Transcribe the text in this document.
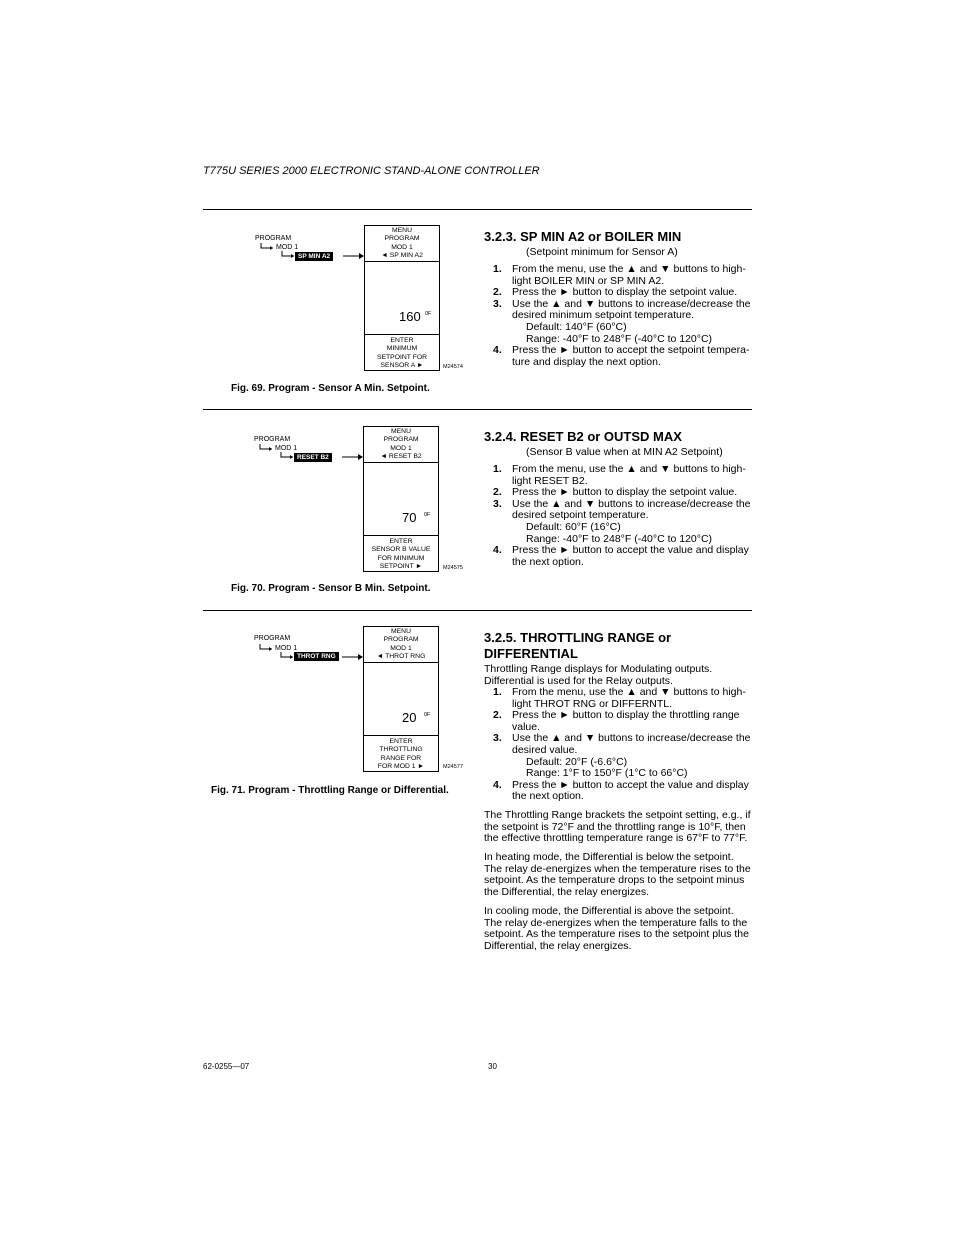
T775U SERIES 2000 ELECTRONIC STAND-ALONE CONTROLLER
PROGRAM
MOD 1
SP MIN A2
MENU
PROGRAM
MOD 1
◄ SP MIN A2
160 0F
ENTER
MINIMUM
SETPOINT FOR
SENSOR A ►	M24574
Fig. 69. Program - Sensor A Min. Setpoint.
3.2.3. SP MIN A2 or BOILER MIN
(Setpoint minimum for Sensor A)
1. From the menu, use the ▲ and ▼ buttons to high-
light BOILER MIN or SP MIN A2.
2. Press the ► button to display the setpoint value.
3. Use the ▲ and ▼ buttons to increase/decrease the
desired minimum setpoint temperature.
Default: 140°F (60°C)
Range: -40°F to 248°F (-40°C to 120°C)
4. Press the ► button to accept the setpoint tempera-
ture and display the next option.
PROGRAM
MOD 1
RESET B2
MENU
PROGRAM
MOD 1
◄ RESET B2
70 0F
ENTER
SENSOR B VALUE
FOR MINIMUM
SETPOINT ►	M24575
Fig. 70. Program - Sensor B Min. Setpoint.
3.2.4. RESET B2 or OUTSD MAX
(Sensor B value when at MIN A2 Setpoint)
1. From the menu, use the ▲ and ▼ buttons to high-
light RESET B2.
2. Press the ► button to display the setpoint value.
3. Use the ▲ and ▼ buttons to increase/decrease the
desired setpoint temperature.
Default: 60°F (16°C)
Range: -40°F to 248°F (-40°C to 120°C)
4. Press the ► button to accept the value and display
the next option.
PROGRAM
MOD 1
THROT RNG
MENU
PROGRAM
MOD 1
◄ THROT RNG
20 0F
ENTER
THROTTLING
RANGE FOR
FOR MOD 1 ►	M24577
Fig. 71. Program - Throttling Range or Differential.
3.2.5. THROTTLING RANGE or
DIFFERENTIAL
Throttling Range displays for Modulating outputs.
Differential is used for the Relay outputs.
1. From the menu, use the ▲ and ▼ buttons to high-
light THROT RNG or DIFFERNTL.
2. Press the ► button to display the throttling range
value.
3. Use the ▲ and ▼ buttons to increase/decrease the
desired value.
Default: 20°F (-6.6°C)
Range: 1°F to 150°F (1°C to 66°C)
4. Press the ► button to accept the value and display
the next option.
The Throttling Range brackets the setpoint setting, e.g., if
the setpoint is 72°F and the throttling range is 10°F, then
the effective throttling temperature range is 67°F to 77°F.
In heating mode, the Differential is below the setpoint.
The relay de-energizes when the temperature rises to the
setpoint. As the temperature drops to the setpoint minus
the Differential, the relay energizes.
In cooling mode, the Differential is above the setpoint.
The relay de-energizes when the temperature falls to the
setpoint. As the temperature rises to the setpoint plus the
Differential, the relay energizes.
62-0255—07	30
